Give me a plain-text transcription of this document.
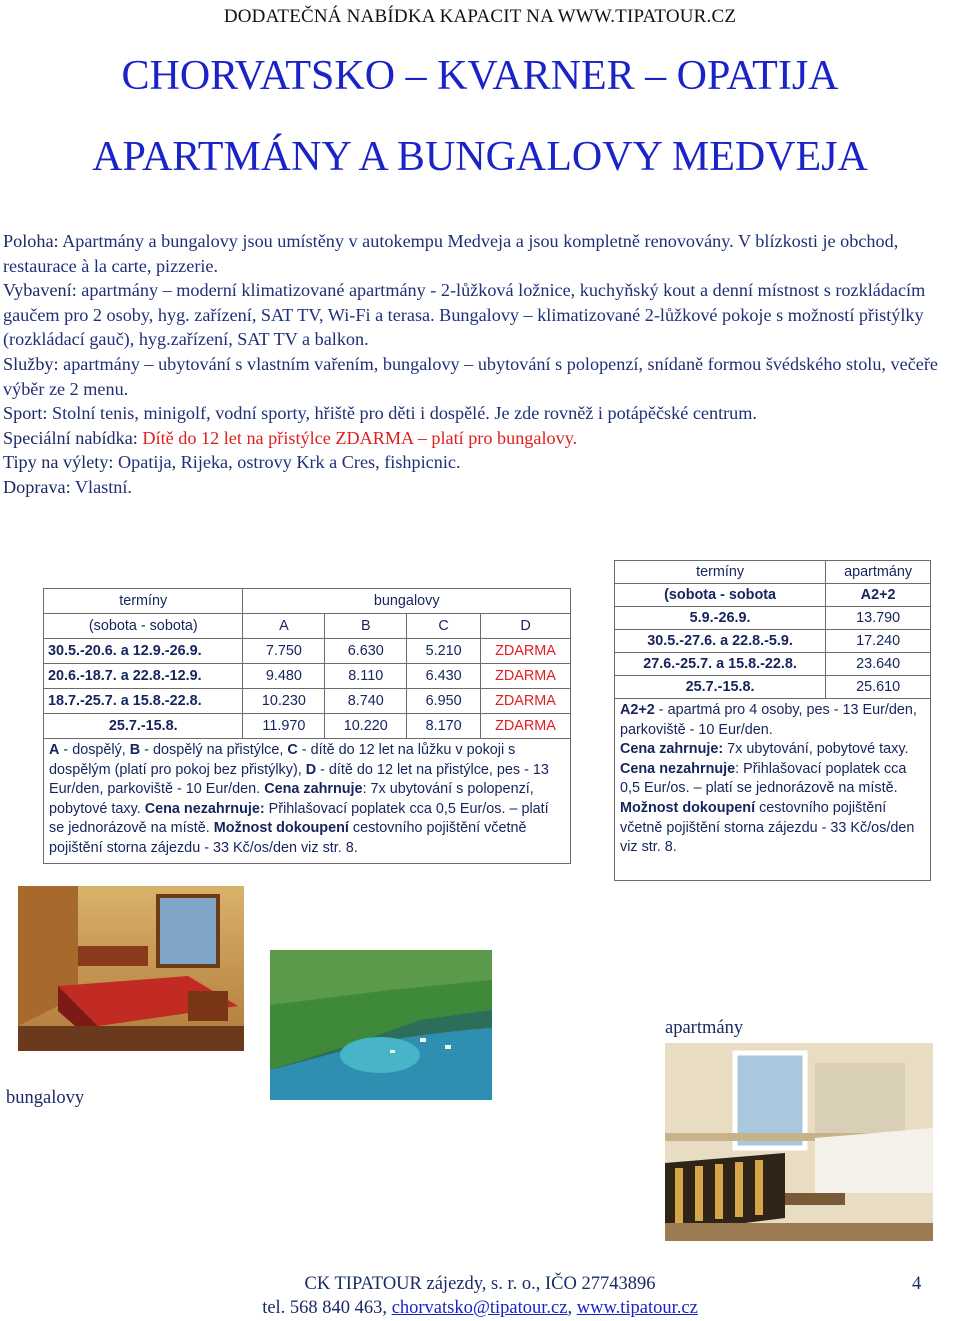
DODATEČNÁ NABÍDKA KAPACIT NA WWW.TIPATOUR.CZ
CHORVATSKO – KVARNER – OPATIJA
APARTMÁNY A BUNGALOVY MEDVEJA

Poloha: Apartmány a bungalovy jsou umístěny v autokempu Medveja a jsou kompletně renovovány. V blízkosti je obchod, restaurace à la carte, pizzerie.

Vybavení: apartmány – moderní klimatizované apartmány - 2-lůžková ložnice, kuchyňský kout a denní místnost s rozkládacím gaučem pro 2 osoby, hyg. zařízení, SAT TV, Wi-Fi a terasa. Bungalovy – klimatizované 2-lůžkové pokoje s možností přistýlky (rozkládací gauč), hyg.zařízení, SAT TV a balkon.

Služby: apartmány – ubytování s vlastním vařením, bungalovy – ubytování s polopenzí, snídaně formou švédského stolu, večeře výběr ze 2 menu.

Sport: Stolní tenis, minigolf, vodní sporty, hřiště pro děti i dospělé. Je zde rovněž i potápěčské centrum.

Speciální nabídka: Dítě do 12 let na přistýlce ZDARMA – platí pro bungalovy.

Tipy na výlety: Opatija, Rijeka, ostrovy Krk a Cres, fishpicnic.

Doprava: Vlastní.

termíny	bungalovy			
(sobota - sobota)	A	B	C	D
30.5.-20.6. a 12.9.-26.9.	7.750	6.630	5.210	ZDARMA
20.6.-18.7. a 22.8.-12.9.	9.480	8.110	6.430	ZDARMA
18.7.-25.7. a 15.8.-22.8.	10.230	8.740	6.950	ZDARMA
25.7.-15.8.	11.970	10.220	8.170	ZDARMA
A - dospělý, B - dospělý na přistýlce, C - dítě do 12 let na lůžku v pokoji s dospělým (platí pro pokoj bez přistýlky), D - dítě do 12 let na přistýlce, pes - 13 Eur/den, parkoviště - 10 Eur/den. Cena zahrnuje: 7x ubytování s polopenzí, pobytové taxy. Cena nezahrnuje: Přihlašovací poplatek cca 0,5 Eur/os. – platí se jednorázově na místě. Možnost dokoupení cestovního pojištění včetně pojištění storna zájezdu - 33 Kč/os/den viz str. 8.				
termíny	apartmány
(sobota - sobota	A2+2
5.9.-26.9.	13.790
30.5.-27.6. a 22.8.-5.9.	17.240
27.6.-25.7. a 15.8.-22.8.	23.640
25.7.-15.8.	25.610
A2+2 - apartmá pro 4 osoby, pes - 13 Eur/den, parkoviště - 10 Eur/den.
Cena zahrnuje: 7x ubytování, pobytové taxy. Cena nezahrnuje: Přihlašovací poplatek cca 0,5 Eur/os. – platí se jednorázově na místě. Možnost dokoupení cestovního pojištění včetně pojištění storna zájezdu - 33 Kč/os/den viz str. 8.	
bungalovy
apartmány
CK TIPATOUR zájezdy, s. r. o., IČO 27743896	4
tel. 568 840 463, chorvatsko@tipatour.cz, www.tipatour.cz
